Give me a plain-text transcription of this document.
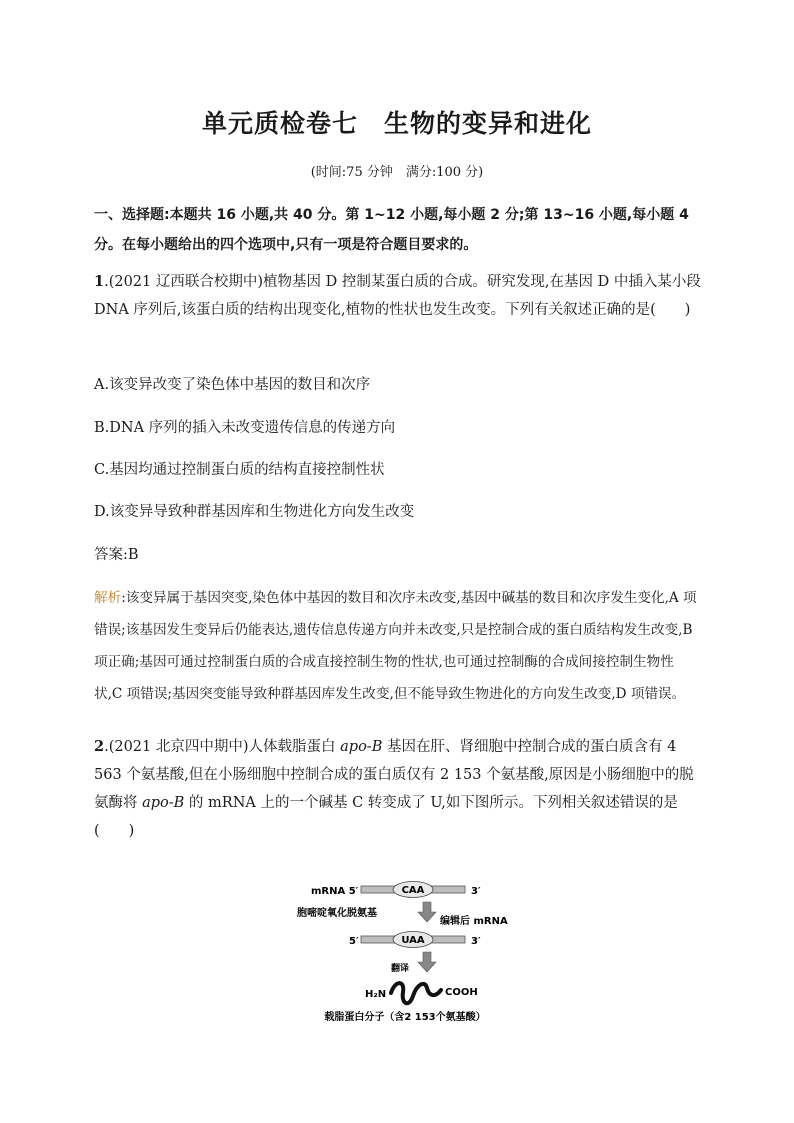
单元质检卷七　生物的变异和进化
(时间:75 分钟　满分:100 分)
一、选择题:本题共 16 小题,共 40 分。第 1~12 小题,每小题 2 分;第 13~16 小题,每小题 4 分。在每小题给出的四个选项中,只有一项是符合题目要求的。
1.(2021 辽西联合校期中)植物基因 D 控制某蛋白质的合成。研究发现,在基因 D 中插入某小段 DNA 序列后,该蛋白质的结构出现变化,植物的性状也发生改变。下列有关叙述正确的是(　　)
A.该变异改变了染色体中基因的数目和次序
B.DNA 序列的插入未改变遗传信息的传递方向
C.基因均通过控制蛋白质的结构直接控制性状
D.该变异导致种群基因库和生物进化方向发生改变
答案:B
解析:该变异属于基因突变,染色体中基因的数目和次序未改变,基因中碱基的数目和次序发生变化,A 项错误;该基因发生变异后仍能表达,遗传信息传递方向并未改变,只是控制合成的蛋白质结构发生改变,B 项正确;基因可通过控制蛋白质的合成直接控制生物的性状,也可通过控制酶的合成间接控制生物性状,C 项错误;基因突变能导致种群基因库发生改变,但不能导致生物进化的方向发生改变,D 项错误。
2.(2021 北京四中期中)人体载脂蛋白 apo-B 基因在肝、肾细胞中控制合成的蛋白质含有 4 563 个氨基酸,但在小肠细胞中控制合成的蛋白质仅有 2 153 个氨基酸,原因是小肠细胞中的脱氨酶将 apo-B 的 mRNA 上的一个碱基 C 转变成了 U,如下图所示。下列相关叙述错误的是(　　)
mRNA 5′	CAA	3′
胞嘧啶氧化脱氨基
编辑后 mRNA
5′	UAA	3′
翻译
H₂N	COOH
载脂蛋白分子（含2 153个氨基酸）
